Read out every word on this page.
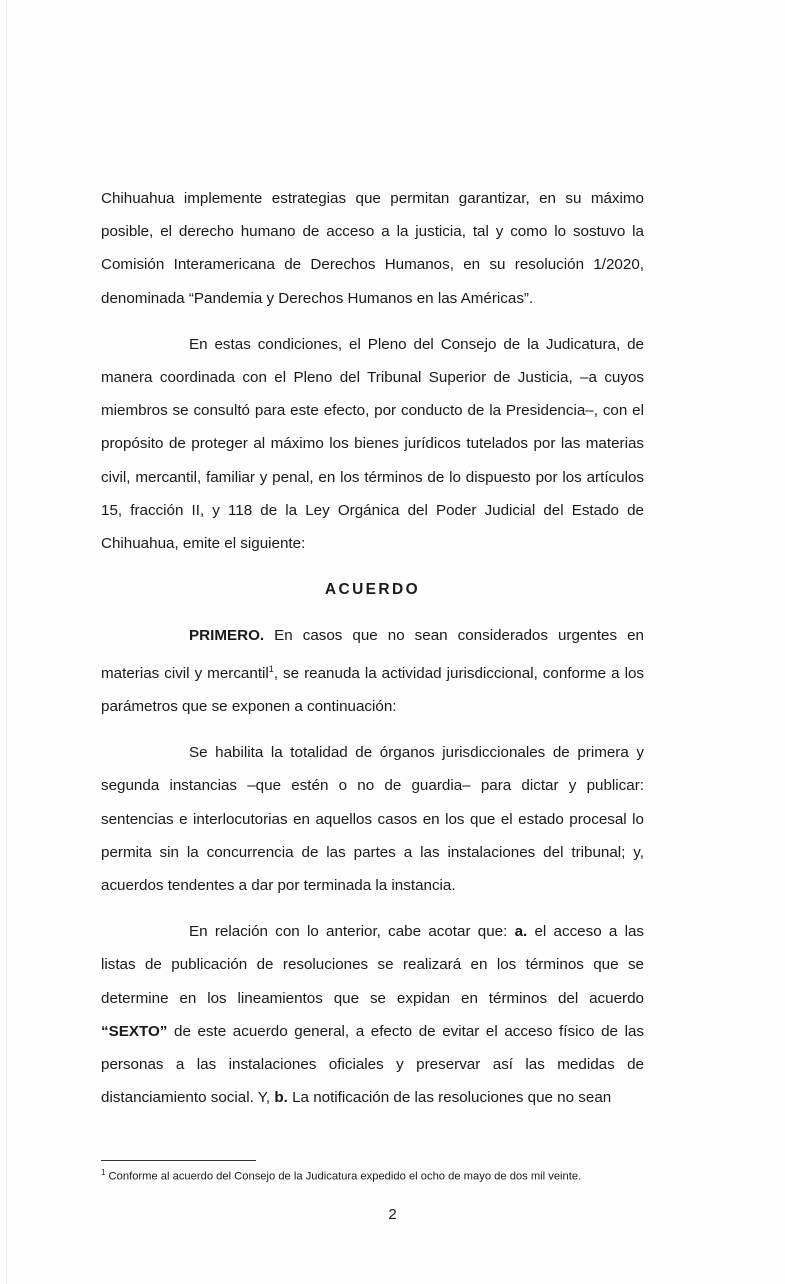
Chihuahua implemente estrategias que permitan garantizar, en su máximo posible, el derecho humano de acceso a la justicia, tal y como lo sostuvo la Comisión Interamericana de Derechos Humanos, en su resolución 1/2020, denominada “Pandemia y Derechos Humanos en las Américas”.

En estas condiciones, el Pleno del Consejo de la Judicatura, de manera coordinada con el Pleno del Tribunal Superior de Justicia, –a cuyos miembros se consultó para este efecto, por conducto de la Presidencia–, con el propósito de proteger al máximo los bienes jurídicos tutelados por las materias civil, mercantil, familiar y penal, en los términos de lo dispuesto por los artículos 15, fracción II, y 118 de la Ley Orgánica del Poder Judicial del Estado de Chihuahua, emite el siguiente:

ACUERDO

PRIMERO. En casos que no sean considerados urgentes en materias civil y mercantil$^1$, se reanuda la actividad jurisdiccional, conforme a los parámetros que se exponen a continuación:

Se habilita la totalidad de órganos jurisdiccionales de primera y segunda instancias –que estén o no de guardia– para dictar y publicar: sentencias e interlocutorias en aquellos casos en los que el estado procesal lo permita sin la concurrencia de las partes a las instalaciones del tribunal; y, acuerdos tendentes a dar por terminada la instancia.

En relación con lo anterior, cabe acotar que: a. el acceso a las listas de publicación de resoluciones se realizará en los términos que se determine en los lineamientos que se expidan en términos del acuerdo “SEXTO” de este acuerdo general, a efecto de evitar el acceso físico de las personas a las instalaciones oficiales y preservar así las medidas de distanciamiento social. Y, b. La notificación de las resoluciones que no sean

$^1$ Conforme al acuerdo del Consejo de la Judicatura expedido el ocho de mayo de dos mil veinte.
2
